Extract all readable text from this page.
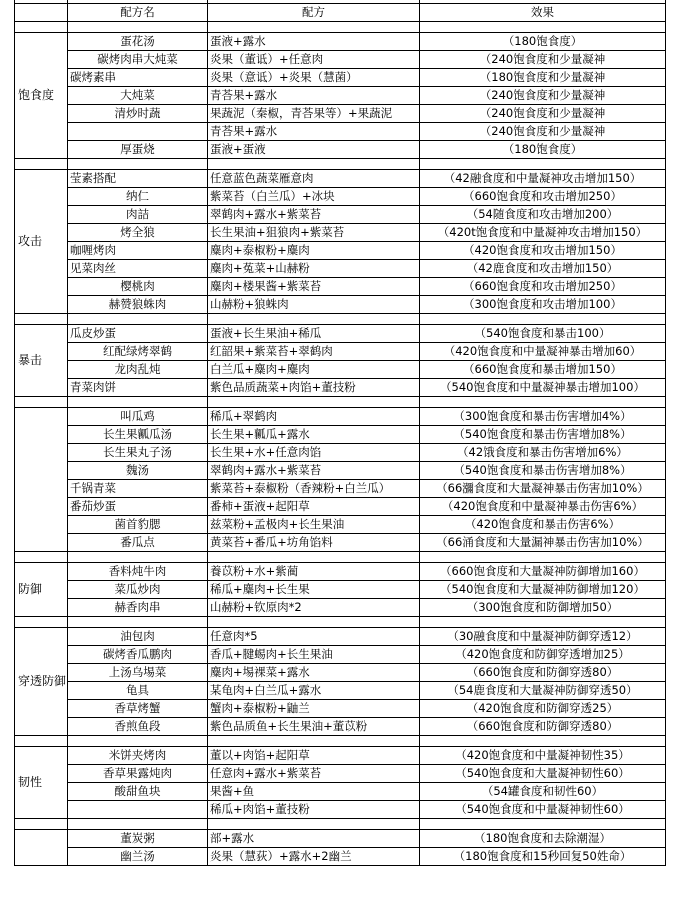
	配方名	配方	效果

饱食度	蛋花汤	蛋液+露水	（180饱食度）
	碳烤肉串大炖菜	炎果（董诋）+任意肉	（240饱食度和少量凝神
	碳烤素串	炎果（意诋）+炎果（慧菌）	（180饱食度和少量凝神
	大炖菜	青荅果+露水	（240饱食度和少量凝神
	清炒时蔬	果蔬泥（秦椒，青荅果等）+果蔬泥	（240饱食度和少量凝神
		青荅果+露水	（240饱食度和少量凝神
	厚蛋烧	蛋液+蛋液	（180饱食度）

攻击	莹素搭配	任意蓝色蔬菜雁意肉	（42融食度和中量凝神攻击增加150）
	纳仁	紫菜苔（白兰瓜）+冰块	（660饱食度和攻击增加250）
	肉詰	翠鹤肉+露水+紫菜苔	（54随食度和攻击增加200）
	烤全狼	长生果油+狙狼肉+紫菜苔	（420t饱食度和中量凝神攻击增加150）
	咖喱烤肉	麋肉+泰椒粉+麋肉	（420饱食度和攻击增加150）
	见菜肉丝	麋肉+菟菜+山赫粉	（42鹿食度和攻击增加150）
	樱桃肉	麋肉+楼果酱+紫菜苔	（660饱食度和攻击增加250）
	赫赞狼蛛肉	山赫粉+狼蛛肉	（300饱食度和攻击增加100）

暴击	瓜皮炒蛋	蛋液+长生果油+稀瓜	（540饱食度和暴击100）
	红配绿烤翠鹤	红韶果+紫菜苔+翠鹤肉	（420饱食度和中量凝神暴击增加60）
	龙肉乱炖	白兰瓜+麋肉+麋肉	（660饱食度和暴击增加150）
	青菜肉饼	紫色品质蔬菜+肉馅+董技粉	（540饱食度和中量凝神暴击增加100）

	叫瓜鸡	稀瓜+翠鹤肉	（300饱食度和暴击伤害增加4%）
	长生果瓤瓜汤	长生果+瓤瓜+露水	（540饱食度和暴击伤害增加8%）
	长生果丸子汤	长生果+水+任意肉馅	（42饿食度和暴击伤害增加6%）
	魏汤	翠鹤肉+露水+紫菜苔	（540饱食度和暴击伤害增加8%）
	千锅青菜	紫菜苔+泰椒粉（香辣粉+白兰瓜）	（66瀰食度和大量凝神暴击伤害加10%）
	番茄炒蛋	番柿+蛋液+起阳草	（420饱食度和中量凝神暴击伤害6%）
	菌首豹腮	兹菜粉+孟极肉+长生果油	（420饱食度和暴击伤害6%）
	番瓜点	黄菜苔+番瓜+坊角馅料	（66涌食度和大量漏神暴击伤害加10%）

防御	香料炖牛肉	養苡粉+水+紫蔺	（660饱食度和大量凝神防御增加160）
	菜瓜炒肉	稀瓜+麋肉+长生果	（540饱食度和大量凝神防御增加120）
	赫香肉串	山赫粉+钦原肉*2	（300饱食度和防御增加50）

穿透防御	油包肉	任意肉*5	（30融食度和中量凝神防御穿透12）
	碳烤香瓜鹏肉	香瓜+腱蜴肉+长生果油	（420饱食度和防御穿透增加25）
	上汤乌埸菜	麋肉+埸裸菜+露水	（660饱食度和防御穿透80）
	龟具	某龟肉+白兰瓜+露水	（54鹿食度和大量凝神防御穿透50）
	香草烤蟹	蟹肉+泰椒粉+鼬兰	（420饱食度和防御穿透25）
	香煎鱼段	紫色品质鱼+长生果油+董苡粉	（660饱食度和防御穿透80）

韧性	米饼夹烤肉	董以+肉馅+起阳草	（420饱食度和中量凝神韧性35）
	香草果露炖肉	任意肉+露水+紫菜苔	（540饱食度和大量凝神韧性60）
	酸甜鱼块	果酱+鱼	（54罐食度和韧性60）
		稀瓜+肉馅+董技粉	（540饱食度和中量凝神韧性60）

	董炭粥	部+露水	（180饱食度和去除潮湿）
	幽兰汤	炎果（慧荻）+露水+2幽兰	（180饱食度和15秒回复50姓命）
